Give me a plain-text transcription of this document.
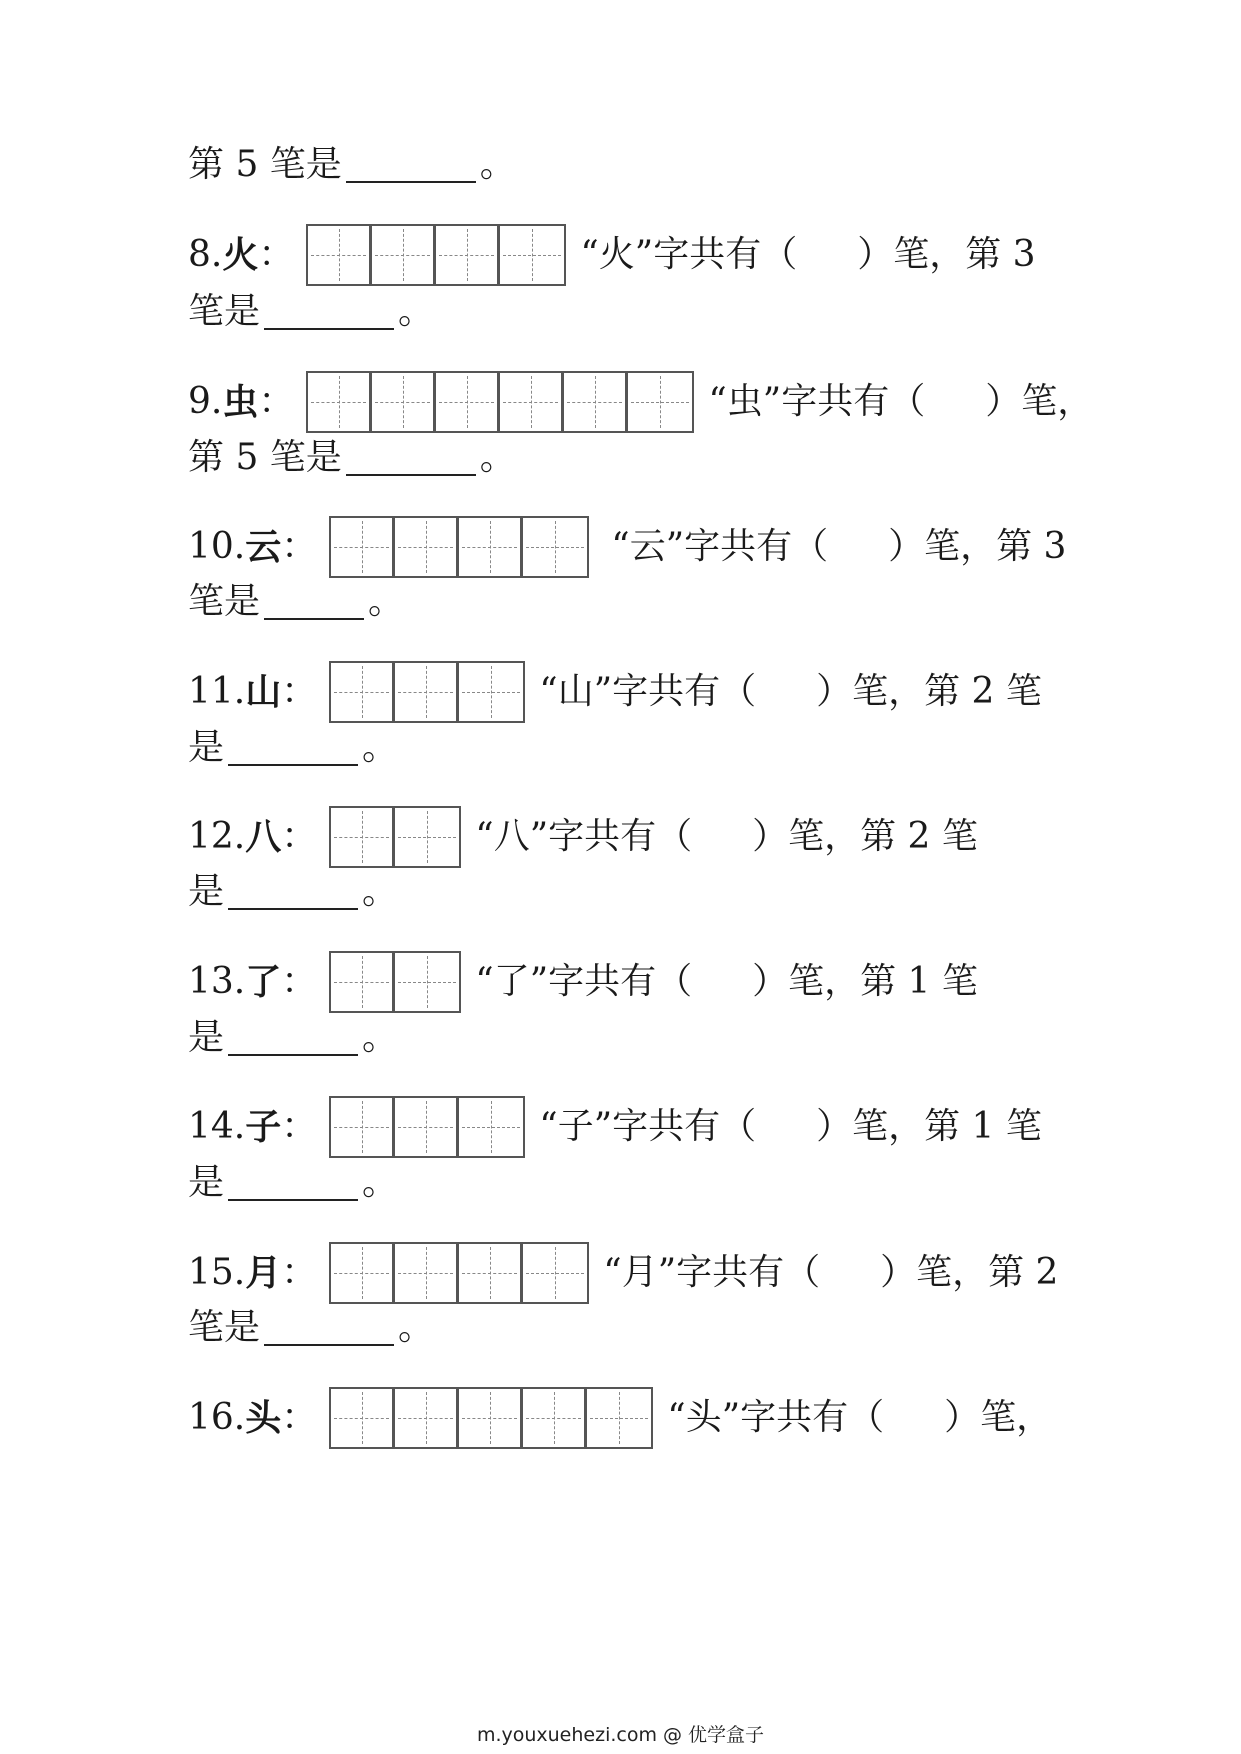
第 5 笔是	。
8. 火 ：	“火”字共有（ ）笔，第 3
笔是	。
9. 虫 ：	“虫”字共有（ ）笔，
第 5 笔是	。
10. 云 ：	“云”字共有（ ）笔，第 3
笔是	。
11. 山 ：	“山”字共有（ ）笔，第 2 笔
是	。
12. 八 ：	“八”字共有（ ）笔，第 2 笔
是	。
13. 了 ：	“了”字共有（ ）笔，第 1 笔
是	。
14. 子 ：	“子”字共有（ ）笔，第 1 笔
是	。
15. 月 ：	“月”字共有（ ）笔，第 2
笔是	。
16. 头 ：	“头”字共有（ ）笔，
m.youxuehezi.com @ 优学盒子
